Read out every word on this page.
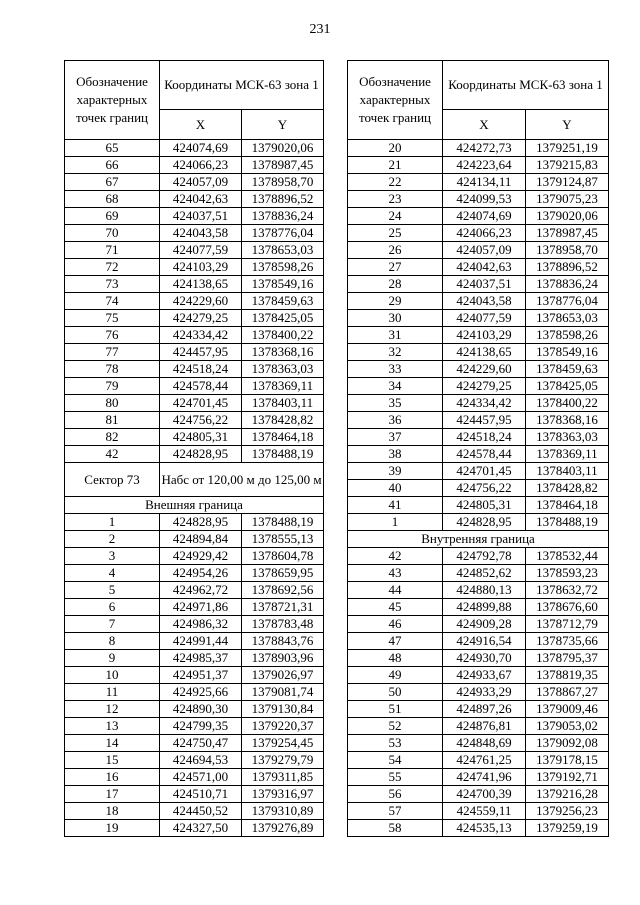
231
Обозначение характерных точек границ	Координаты МСК-63 зона 1	
	X	Y
65	424074,69	1379020,06
66	424066,23	1378987,45
67	424057,09	1378958,70
68	424042,63	1378896,52
69	424037,51	1378836,24
70	424043,58	1378776,04
71	424077,59	1378653,03
72	424103,29	1378598,26
73	424138,65	1378549,16
74	424229,60	1378459,63
75	424279,25	1378425,05
76	424334,42	1378400,22
77	424457,95	1378368,16
78	424518,24	1378363,03
79	424578,44	1378369,11
80	424701,45	1378403,11
81	424756,22	1378428,82
82	424805,31	1378464,18
42	424828,95	1378488,19
Сектор 73	Набс от 120,00 м до 125,00 м	
Внешняя граница		
1	424828,95	1378488,19
2	424894,84	1378555,13
3	424929,42	1378604,78
4	424954,26	1378659,95
5	424962,72	1378692,56
6	424971,86	1378721,31
7	424986,32	1378783,48
8	424991,44	1378843,76
9	424985,37	1378903,96
10	424951,37	1379026,97
11	424925,66	1379081,74
12	424890,30	1379130,84
13	424799,35	1379220,37
14	424750,47	1379254,45
15	424694,53	1379279,79
16	424571,00	1379311,85
17	424510,71	1379316,97
18	424450,52	1379310,89
19	424327,50	1379276,89
Обозначение характерных точек границ	Координаты МСК-63 зона 1	
	X	Y
20	424272,73	1379251,19
21	424223,64	1379215,83
22	424134,11	1379124,87
23	424099,53	1379075,23
24	424074,69	1379020,06
25	424066,23	1378987,45
26	424057,09	1378958,70
27	424042,63	1378896,52
28	424037,51	1378836,24
29	424043,58	1378776,04
30	424077,59	1378653,03
31	424103,29	1378598,26
32	424138,65	1378549,16
33	424229,60	1378459,63
34	424279,25	1378425,05
35	424334,42	1378400,22
36	424457,95	1378368,16
37	424518,24	1378363,03
38	424578,44	1378369,11
39	424701,45	1378403,11
40	424756,22	1378428,82
41	424805,31	1378464,18
1	424828,95	1378488,19
Внутренняя граница		
42	424792,78	1378532,44
43	424852,62	1378593,23
44	424880,13	1378632,72
45	424899,88	1378676,60
46	424909,28	1378712,79
47	424916,54	1378735,66
48	424930,70	1378795,37
49	424933,67	1378819,35
50	424933,29	1378867,27
51	424897,26	1379009,46
52	424876,81	1379053,02
53	424848,69	1379092,08
54	424761,25	1379178,15
55	424741,96	1379192,71
56	424700,39	1379216,28
57	424559,11	1379256,23
58	424535,13	1379259,19
